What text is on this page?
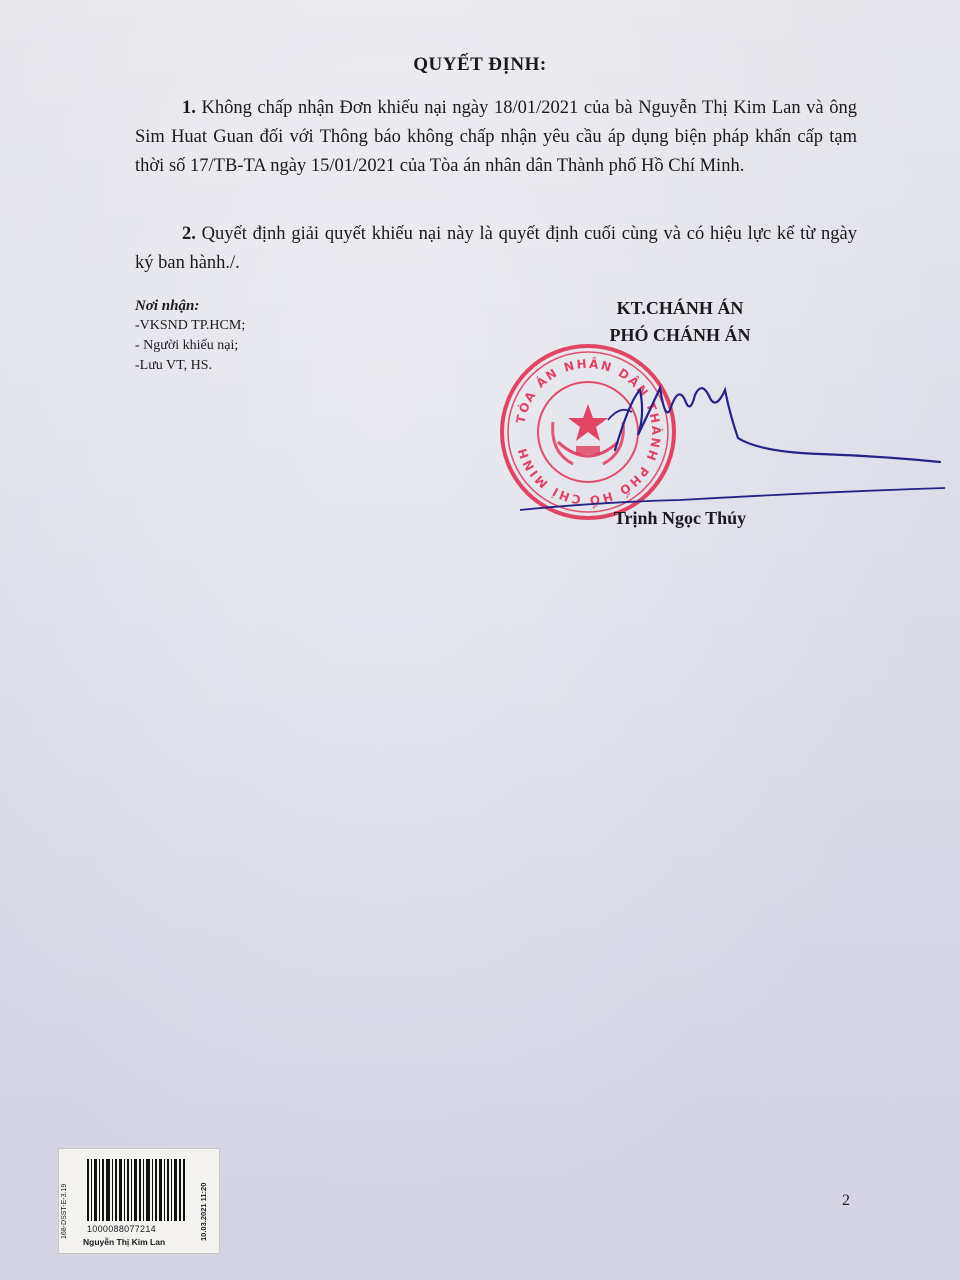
QUYẾT ĐỊNH:
1. Không chấp nhận Đơn khiếu nại ngày 18/01/2021 của bà Nguyễn Thị Kim Lan và ông Sim Huat Guan đối với Thông báo không chấp nhận yêu cầu áp dụng biện pháp khẩn cấp tạm thời số 17/TB-TA ngày 15/01/2021 của Tòa án nhân dân Thành phố Hồ Chí Minh.
2. Quyết định giải quyết khiếu nại này là quyết định cuối cùng và có hiệu lực kể từ ngày ký ban hành./.
Nơi nhận:
-VKSND TP.HCM;
- Người khiếu nại;
-Lưu VT, HS.
KT.CHÁNH ÁN
PHÓ CHÁNH ÁN
TÒA ÁN NHÂN DÂN THÀNH PHỐ HỒ CHÍ MINH
Trịnh Ngọc Thúy
2
168-DSST-E-3.19 1000088077214
Nguyễn Thị Kim Lan
10.03.2021 11:20
